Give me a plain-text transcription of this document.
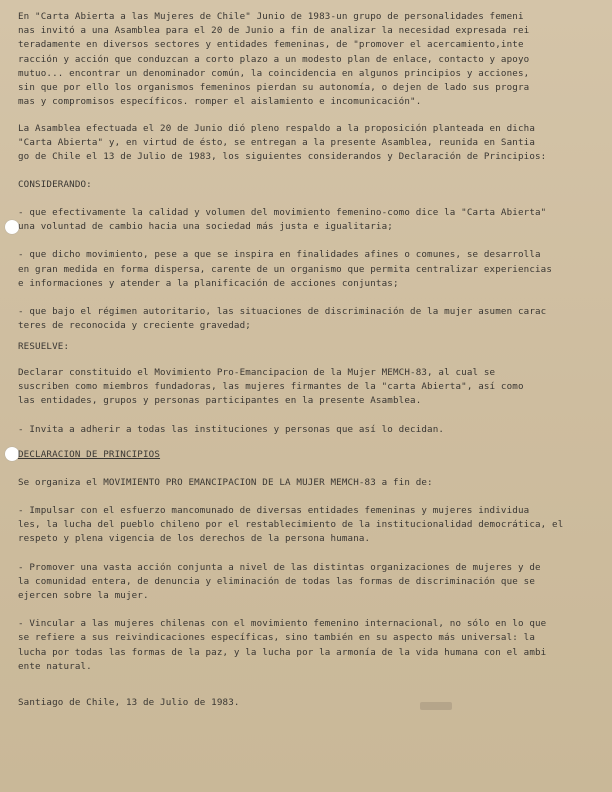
En "Carta Abierta a las Mujeres de Chile" Junio de 1983-un grupo de personalidades femeni
nas invitó a una Asamblea para el 20 de Junio a fin de analizar la necesidad expresada rei
teradamente en diversos sectores y entidades femeninas, de "promover el acercamiento,inte
racción y acción que conduzcan a corto plazo a un modesto plan de enlace, contacto y apoyo
mutuo... encontrar un denominador común, la coincidencia en algunos principios y acciones,
sin que por ello los organismos femeninos pierdan su autonomía, o dejen de lado sus progra
mas y compromisos específicos. romper el aislamiento e incomunicación".
La Asamblea efectuada el 20 de Junio dió pleno respaldo a la proposición planteada en dicha
"Carta Abierta" y, en virtud de ésto, se entregan a la presente Asamblea, reunida en Santia
go de Chile el 13 de Julio de 1983, los siguientes considerandos y Declaración de Principios:
CONSIDERANDO:
- que efectivamente la calidad y volumen del movimiento femenino-como dice la "Carta Abierta"
una voluntad de cambio hacia una sociedad más justa e igualitaria;
- que dicho movimiento, pese a que se inspira en finalidades afines o comunes, se desarrolla
en gran medida en forma dispersa, carente de un organismo que permita centralizar experiencias
e informaciones y atender a la planificación de acciones conjuntas;
- que bajo el régimen autoritario, las situaciones de discriminación de la mujer asumen carac
teres de reconocida y creciente gravedad;
RESUELVE:
Declarar constituido el Movimiento Pro-Emancipacion de la Mujer MEMCH-83, al cual se
suscriben como miembros fundadoras, las mujeres firmantes de la "carta Abierta", así como
las entidades, grupos y personas participantes en la presente Asamblea.
- Invita a adherir a todas las instituciones y personas que así lo decidan.
DECLARACION DE PRINCIPIOS
Se organiza el MOVIMIENTO PRO EMANCIPACION DE LA MUJER MEMCH-83 a fin de:
- Impulsar con el esfuerzo mancomunado de diversas entidades femeninas y mujeres individua
les, la lucha del pueblo chileno por el restablecimiento de la institucionalidad democrática, el
respeto y plena vigencia de los derechos de la persona humana.
- Promover una vasta acción conjunta a nivel de las distintas organizaciones de mujeres y de
la comunidad entera, de denuncia y eliminación de todas las formas de discriminación que se
ejercen sobre la mujer.
- Vincular a las mujeres chilenas con el movimiento femenino internacional, no sólo en lo que
se refiere a sus reivindicaciones específicas, sino también en su aspecto más universal: la
lucha por todas las formas de la paz, y la lucha por la armonía de la vida humana con el ambi
ente natural.
Santiago de Chile, 13 de Julio de 1983.
